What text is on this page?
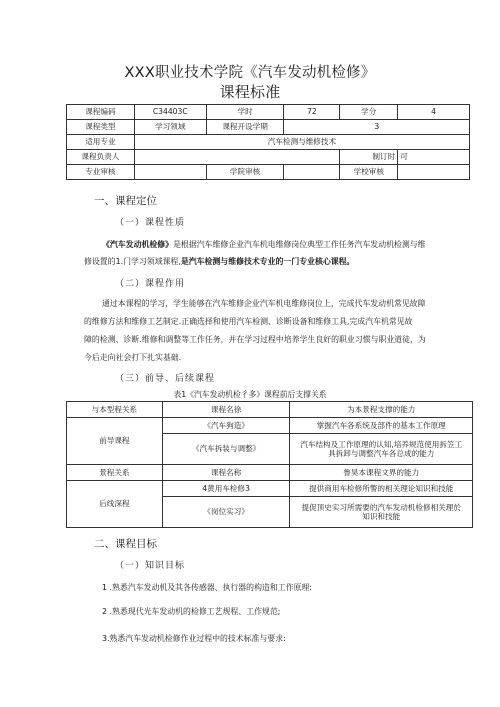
XXX职业技术学院《汽车发动机检修》
课程标准
课程编码	C34403C	学时	72	学分	4
课程类型	学习领域	课程开设学期	3		
适用专业	汽车检测与维修技术				
课程负责人				制订时	可
专业审核		学院审核		学校审核	
一、课程定位
（一）课程性质
《汽车发动机检修》是根据汽车维修企业汽车机电维修岗位典型工作任务汽车发动机检测与维
修设置的1.门学习领域课程,是汽车检测与维修技术专业的一门专业核心课程。
（二）课程作用
通过本课程的学习，学生能够在汽车维修企业汽车机电维修岗位上，完成代车发动机常见故障
的维修方法和维修工艺制定.正确选择和使用汽车检测、诊断设备和维修工具,完成汽车机常见故
障的检测、诊断.维修和调整等工作任务，并在学习过程中培养学生良好的职业习惯与职业道徒，为
今后走向社会打下扎实基础.
（三）前导、后续课程
表1《汽车发动机检彳多》课程前后支撑关系
与本型程关系	课程名徐	为本景程支撑的能力
前导课程	《汽车狗造》	掌握汽车各系统及部件的基本工作原理
	《汽车拆装与调整》	汽车结构及工作原理的认知,培养规范使用拆笠工
具拆卸与调整汽车各总成的能力

景程关系	课程名称	鲁昊本课程文界的能力
后线深程	4黄用车检修3	提供商用车检修所警的相关理论知识和技能
	《岗位实习》	提促顶史实习所需要的汽车发动机检修相关理於
知识和技能
二、课程目标
（一）知识目标
1 .熟悉汽车发动机及其各传感器、执行器的构造和工作原理:
2 .熟悉现代光车发动机的检修工艺规程、工作规范;
3.熟悉汽车发动机检修作业过程中的技术标准与要求:
